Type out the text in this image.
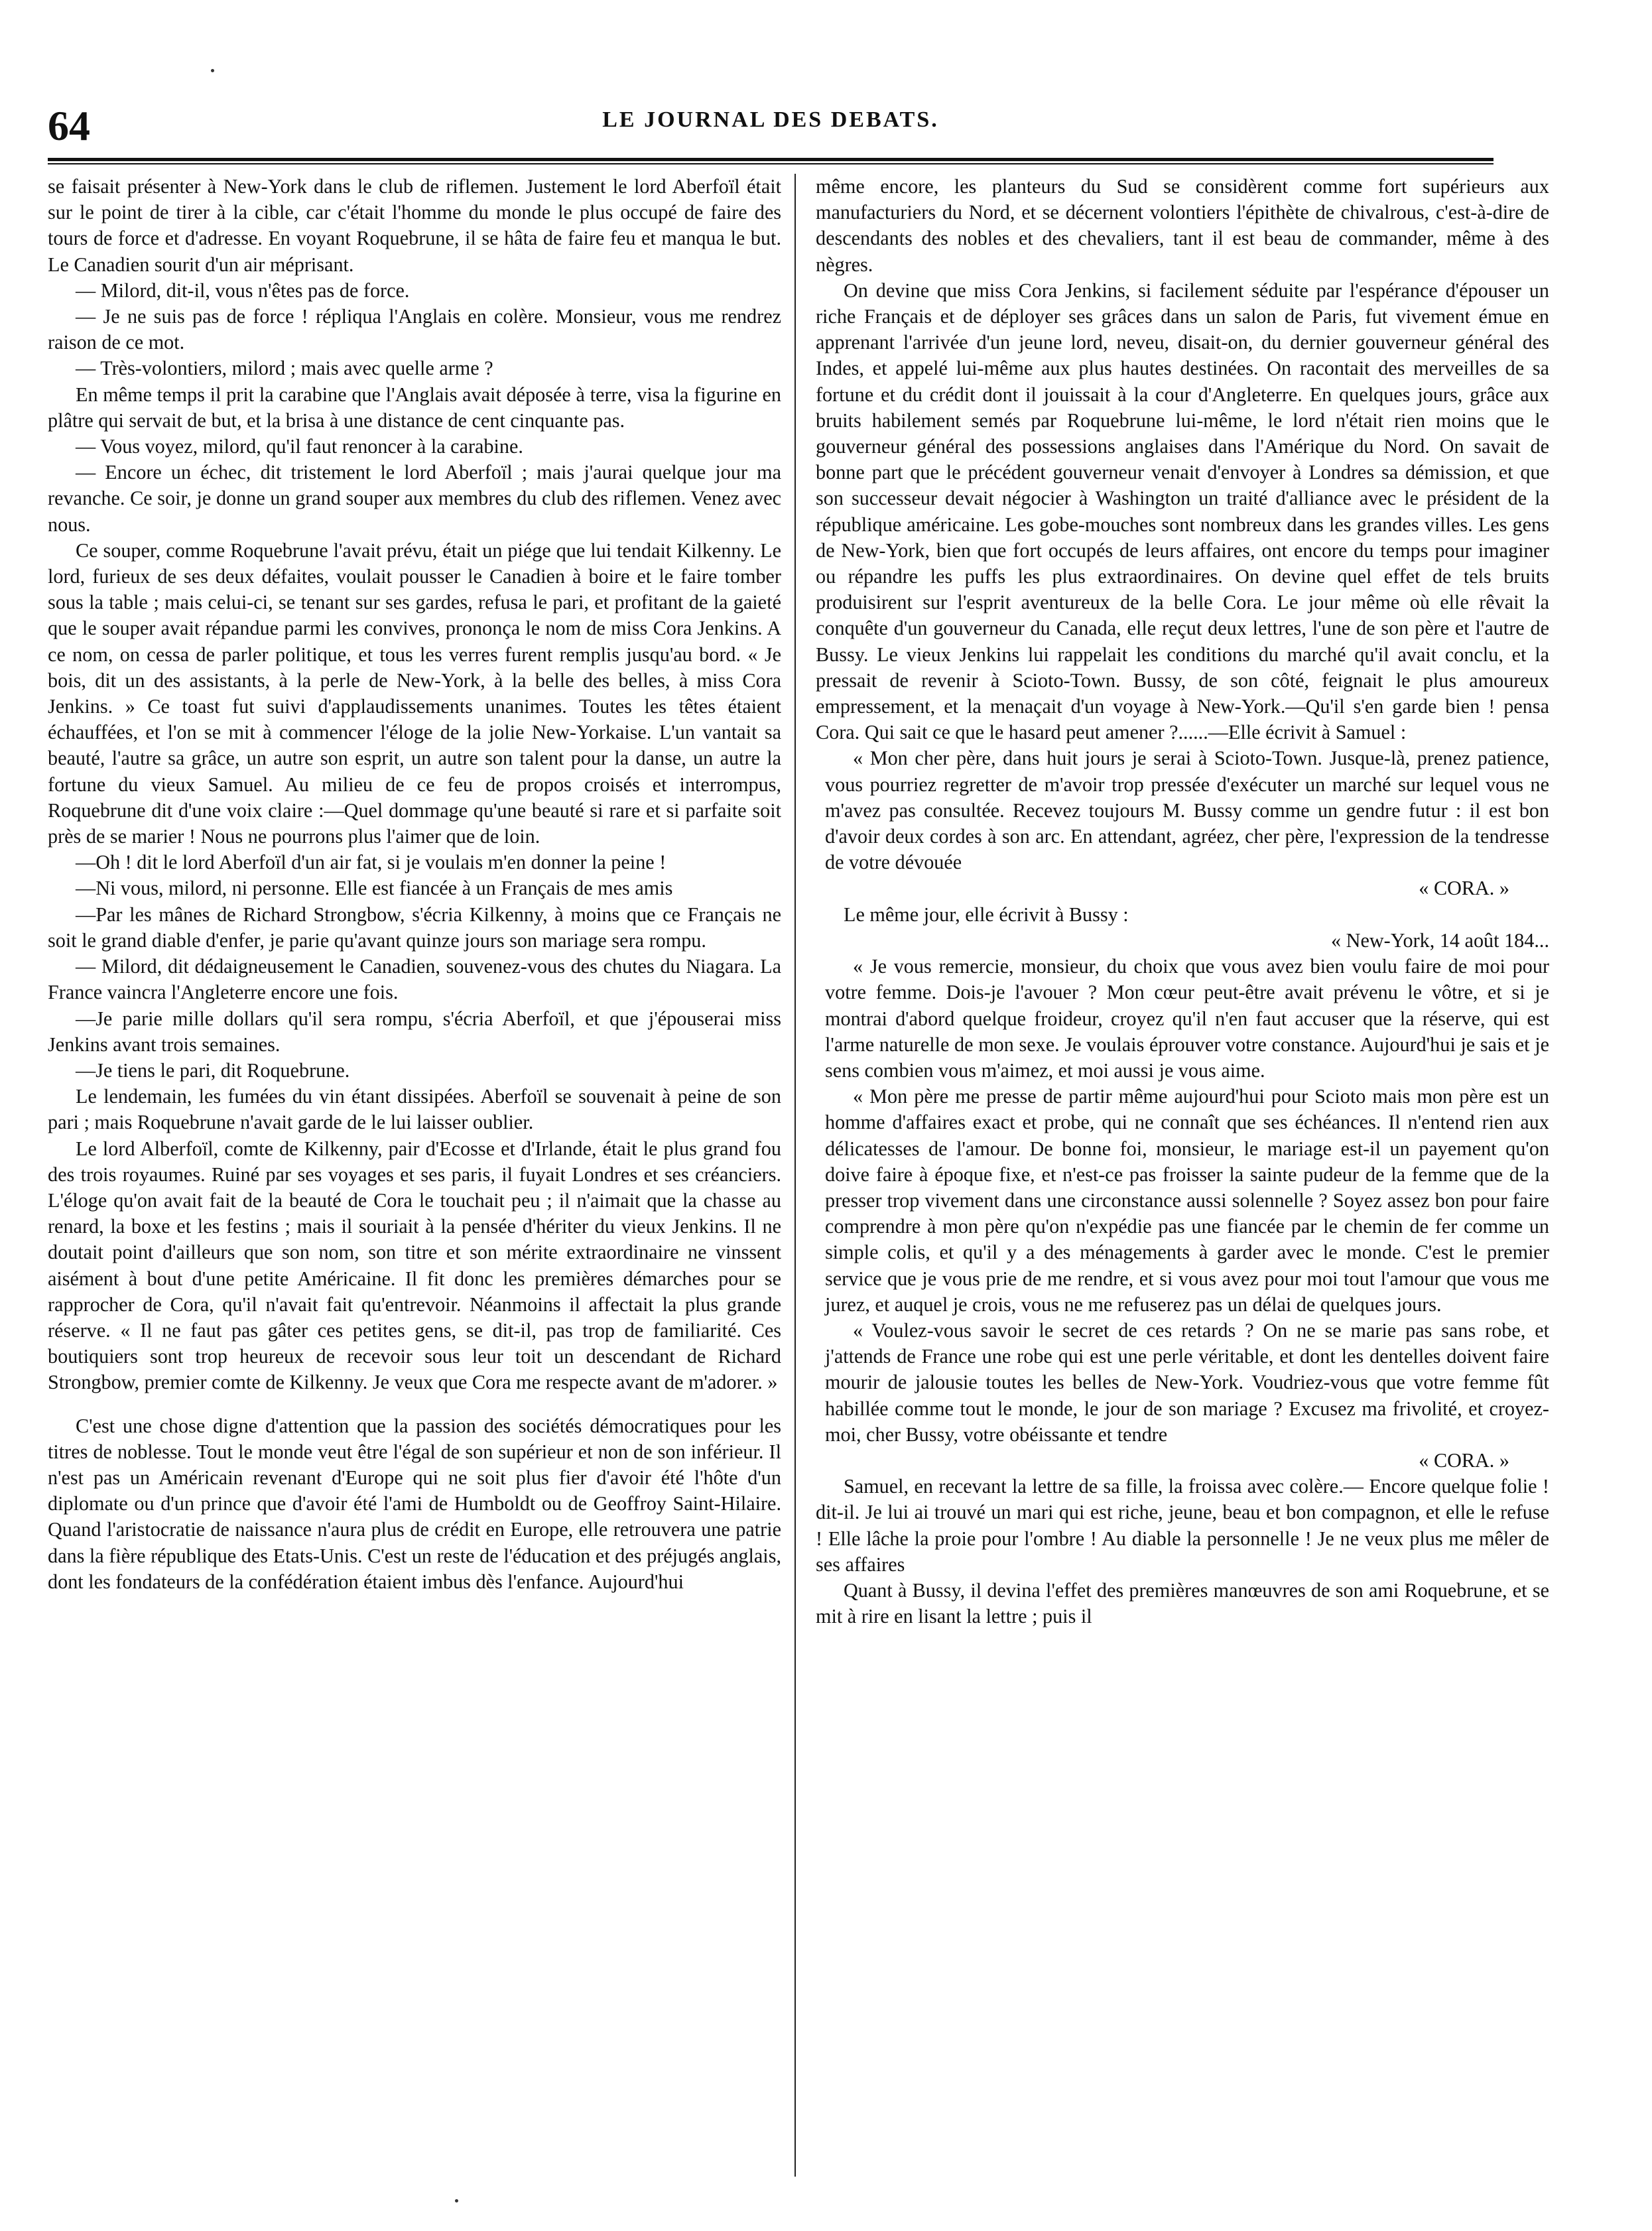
64	LE JOURNAL DES DEBATS.

se faisait présenter à New-York dans le club de riflemen. Justement le lord Aberfoïl était sur le point de tirer à la cible, car c'était l'homme du monde le plus occupé de faire des tours de force et d'adresse. En voyant Roquebrune, il se hâta de faire feu et manqua le but. Le Canadien sourit d'un air méprisant.

— Milord, dit-il, vous n'êtes pas de force.

— Je ne suis pas de force ! répliqua l'Anglais en colère. Monsieur, vous me rendrez raison de ce mot.

— Très-volontiers, milord ; mais avec quelle arme ?

En même temps il prit la carabine que l'Anglais avait déposée à terre, visa la figurine en plâtre qui servait de but, et la brisa à une distance de cent cinquante pas.

— Vous voyez, milord, qu'il faut renoncer à la carabine.

— Encore un échec, dit tristement le lord Aberfoïl ; mais j'aurai quelque jour ma revanche. Ce soir, je donne un grand souper aux membres du club des riflemen. Venez avec nous.

Ce souper, comme Roquebrune l'avait prévu, était un piége que lui tendait Kilkenny. Le lord, furieux de ses deux défaites, voulait pousser le Canadien à boire et le faire tomber sous la table ; mais celui-ci, se tenant sur ses gardes, refusa le pari, et profitant de la gaieté que le souper avait répandue parmi les convives, prononça le nom de miss Cora Jenkins. A ce nom, on cessa de parler politique, et tous les verres furent remplis jusqu'au bord. « Je bois, dit un des assistants, à la perle de New-York, à la belle des belles, à miss Cora Jenkins. » Ce toast fut suivi d'applaudissements unanimes. Toutes les têtes étaient échauffées, et l'on se mit à commencer l'éloge de la jolie New-Yorkaise. L'un vantait sa beauté, l'autre sa grâce, un autre son esprit, un autre son talent pour la danse, un autre la fortune du vieux Samuel. Au milieu de ce feu de propos croisés et interrompus, Roquebrune dit d'une voix claire :—Quel dommage qu'une beauté si rare et si parfaite soit près de se marier ! Nous ne pourrons plus l'aimer que de loin.

—Oh ! dit le lord Aberfoïl d'un air fat, si je voulais m'en donner la peine !

—Ni vous, milord, ni personne. Elle est fiancée à un Français de mes amis

—Par les mânes de Richard Strongbow, s'écria Kilkenny, à moins que ce Français ne soit le grand diable d'enfer, je parie qu'avant quinze jours son mariage sera rompu.

— Milord, dit dédaigneusement le Canadien, souvenez-vous des chutes du Niagara. La France vaincra l'Angleterre encore une fois.

—Je parie mille dollars qu'il sera rompu, s'écria Aberfoïl, et que j'épouserai miss Jenkins avant trois semaines.

—Je tiens le pari, dit Roquebrune.

Le lendemain, les fumées du vin étant dissipées. Aberfoïl se souvenait à peine de son pari ; mais Roquebrune n'avait garde de le lui laisser oublier.

Le lord Alberfoïl, comte de Kilkenny, pair d'Ecosse et d'Irlande, était le plus grand fou des trois royaumes. Ruiné par ses voyages et ses paris, il fuyait Londres et ses créanciers. L'éloge qu'on avait fait de la beauté de Cora le touchait peu ; il n'aimait que la chasse au renard, la boxe et les festins ; mais il souriait à la pensée d'hériter du vieux Jenkins. Il ne doutait point d'ailleurs que son nom, son titre et son mérite extraordinaire ne vinssent aisément à bout d'une petite Américaine. Il fit donc les premières démarches pour se rapprocher de Cora, qu'il n'avait fait qu'entrevoir. Néanmoins il affectait la plus grande réserve. « Il ne faut pas gâter ces petites gens, se dit-il, pas trop de familiarité. Ces boutiquiers sont trop heureux de recevoir sous leur toit un descendant de Richard Strongbow, premier comte de Kilkenny. Je veux que Cora me respecte avant de m'adorer. »

C'est une chose digne d'attention que la passion des sociétés démocratiques pour les titres de noblesse. Tout le monde veut être l'égal de son supérieur et non de son inférieur. Il n'est pas un Américain revenant d'Europe qui ne soit plus fier d'avoir été l'hôte d'un diplomate ou d'un prince que d'avoir été l'ami de Humboldt ou de Geoffroy Saint-Hilaire. Quand l'aristocratie de naissance n'aura plus de crédit en Europe, elle retrouvera une patrie dans la fière république des Etats-Unis. C'est un reste de l'éducation et des préjugés anglais, dont les fondateurs de la confédération étaient imbus dès l'enfance. Aujourd'hui

même encore, les planteurs du Sud se considèrent comme fort supérieurs aux manufacturiers du Nord, et se décernent volontiers l'épithète de chivalrous, c'est-à-dire de descendants des nobles et des chevaliers, tant il est beau de commander, même à des nègres.

On devine que miss Cora Jenkins, si facilement séduite par l'espérance d'épouser un riche Français et de déployer ses grâces dans un salon de Paris, fut vivement émue en apprenant l'arrivée d'un jeune lord, neveu, disait-on, du dernier gouverneur général des Indes, et appelé lui-même aux plus hautes destinées. On racontait des merveilles de sa fortune et du crédit dont il jouissait à la cour d'Angleterre. En quelques jours, grâce aux bruits habilement semés par Roquebrune lui-même, le lord n'était rien moins que le gouverneur général des possessions anglaises dans l'Amérique du Nord. On savait de bonne part que le précédent gouverneur venait d'envoyer à Londres sa démission, et que son successeur devait négocier à Washington un traité d'alliance avec le président de la république américaine. Les gobe-mouches sont nombreux dans les grandes villes. Les gens de New-York, bien que fort occupés de leurs affaires, ont encore du temps pour imaginer ou répandre les puffs les plus extraordinaires. On devine quel effet de tels bruits produisirent sur l'esprit aventureux de la belle Cora. Le jour même où elle rêvait la conquête d'un gouverneur du Canada, elle reçut deux lettres, l'une de son père et l'autre de Bussy. Le vieux Jenkins lui rappelait les conditions du marché qu'il avait conclu, et la pressait de revenir à Scioto-Town. Bussy, de son côté, feignait le plus amoureux empressement, et la menaçait d'un voyage à New-York.—Qu'il s'en garde bien ! pensa Cora. Qui sait ce que le hasard peut amener ?......—Elle écrivit à Samuel :

« Mon cher père, dans huit jours je serai à Scioto-Town. Jusque-là, prenez patience, vous pourriez regretter de m'avoir trop pressée d'exécuter un marché sur lequel vous ne m'avez pas consultée. Recevez toujours M. Bussy comme un gendre futur : il est bon d'avoir deux cordes à son arc. En attendant, agréez, cher père, l'expression de la tendresse de votre dévouée

« CORA. »

Le même jour, elle écrivit à Bussy :

« New-York, 14 août 184...

« Je vous remercie, monsieur, du choix que vous avez bien voulu faire de moi pour votre femme. Dois-je l'avouer ? Mon cœur peut-être avait prévenu le vôtre, et si je montrai d'abord quelque froideur, croyez qu'il n'en faut accuser que la réserve, qui est l'arme naturelle de mon sexe. Je voulais éprouver votre constance. Aujourd'hui je sais et je sens combien vous m'aimez, et moi aussi je vous aime.

« Mon père me presse de partir même aujourd'hui pour Scioto mais mon père est un homme d'affaires exact et probe, qui ne connaît que ses échéances. Il n'entend rien aux délicatesses de l'amour. De bonne foi, monsieur, le mariage est-il un payement qu'on doive faire à époque fixe, et n'est-ce pas froisser la sainte pudeur de la femme que de la presser trop vivement dans une circonstance aussi solennelle ? Soyez assez bon pour faire comprendre à mon père qu'on n'expédie pas une fiancée par le chemin de fer comme un simple colis, et qu'il y a des ménagements à garder avec le monde. C'est le premier service que je vous prie de me rendre, et si vous avez pour moi tout l'amour que vous me jurez, et auquel je crois, vous ne me refuserez pas un délai de quelques jours.

« Voulez-vous savoir le secret de ces retards ? On ne se marie pas sans robe, et j'attends de France une robe qui est une perle véritable, et dont les dentelles doivent faire mourir de jalousie toutes les belles de New-York. Voudriez-vous que votre femme fût habillée comme tout le monde, le jour de son mariage ? Excusez ma frivolité, et croyez-moi, cher Bussy, votre obéissante et tendre

« CORA. »

Samuel, en recevant la lettre de sa fille, la froissa avec colère.— Encore quelque folie ! dit-il. Je lui ai trouvé un mari qui est riche, jeune, beau et bon compagnon, et elle le refuse ! Elle lâche la proie pour l'ombre ! Au diable la personnelle ! Je ne veux plus me mêler de ses affaires

Quant à Bussy, il devina l'effet des premières manœuvres de son ami Roquebrune, et se mit à rire en lisant la lettre ; puis il
